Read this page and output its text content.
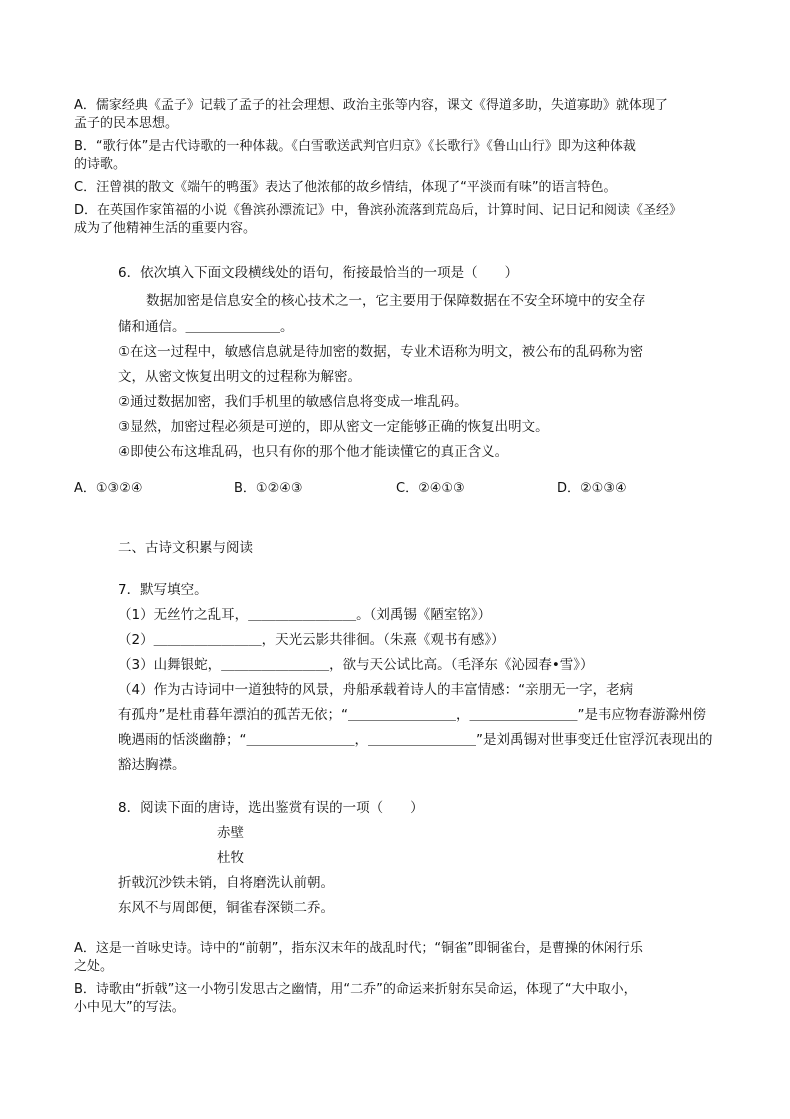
A．儒家经典《孟子》记载了孟子的社会理想、政治主张等内容，课文《得道多助，失道寡助》就体现了
孟子的民本思想。
B．“歌行体”是古代诗歌的一种体裁。《白雪歌送武判官归京》《长歌行》《鲁山山行》即为这种体裁
的诗歌。
C．汪曾祺的散文《端午的鸭蛋》表达了他浓郁的故乡情结，体现了“平淡而有味”的语言特色。
D．在英国作家笛福的小说《鲁滨孙漂流记》中，鲁滨孙流落到荒岛后，计算时间、记日记和阅读《圣经》
成为了他精神生活的重要内容。
6．依次填入下面文段横线处的语句，衔接最恰当的一项是（　　）
数据加密是信息安全的核心技术之一，它主要用于保障数据在不安全环境中的安全存
储和通信。＿＿＿＿＿＿＿。
①在这一过程中，敏感信息就是待加密的数据，专业术语称为明文，被公布的乱码称为密
文，从密文恢复出明文的过程称为解密。
②通过数据加密，我们手机里的敏感信息将变成一堆乱码。
③显然，加密过程必须是可逆的，即从密文一定能够正确的恢复出明文。
④即使公布这堆乱码，也只有你的那个他才能读懂它的真正含义。
A．①③②④	B．①②④③	C．②④①③	D．②①③④
二、古诗文积累与阅读
7．默写填空。
（1）无丝竹之乱耳，＿＿＿＿＿＿＿＿。（刘禹锡《陋室铭》）
（2）＿＿＿＿＿＿＿＿，天光云影共徘徊。（朱熹《观书有感》）
（3）山舞银蛇，＿＿＿＿＿＿＿＿，欲与天公试比高。（毛泽东《沁园春•雪》）
（4）作为古诗词中一道独特的风景，舟船承载着诗人的丰富情感：“亲朋无一字，老病
有孤舟”是杜甫暮年漂泊的孤苦无依；“＿＿＿＿＿＿＿＿，＿＿＿＿＿＿＿＿”是韦应物春游滁州傍
晚遇雨的恬淡幽静；“＿＿＿＿＿＿＿＿，＿＿＿＿＿＿＿＿”是刘禹锡对世事变迁仕宦浮沉表现出的
豁达胸襟。
8．阅读下面的唐诗，选出鉴赏有误的一项（　　）
赤壁
杜牧
折戟沉沙铁未销，自将磨洗认前朝。
东风不与周郎便，铜雀春深锁二乔。
A．这是一首咏史诗。诗中的“前朝”，指东汉末年的战乱时代；“铜雀”即铜雀台，是曹操的休闲行乐
之处。
B．诗歌由“折戟”这一小物引发思古之幽情，用“二乔”的命运来折射东吴命运，体现了“大中取小，
小中见大”的写法。
